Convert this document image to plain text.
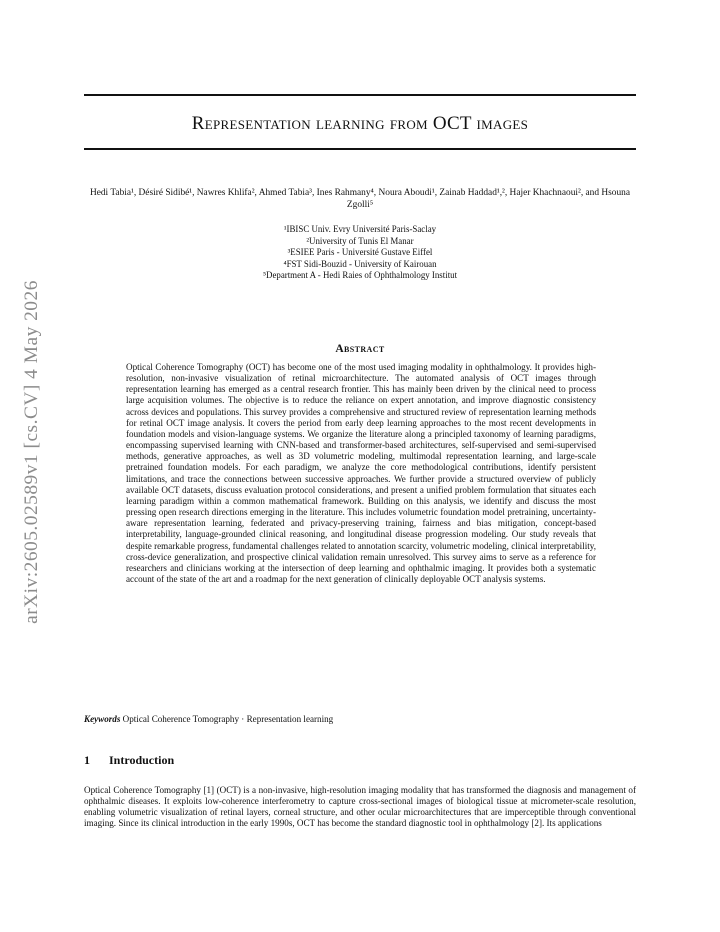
arXiv:2605.02589v1 [cs.CV] 4 May 2026
Representation learning from OCT images
Hedi Tabia¹, Désiré Sidibé¹, Nawres Khlifa², Ahmed Tabia³, Ines Rahmany⁴, Noura Aboudi¹, Zainab Haddad¹,², Hajer Khachnaoui², and Hsouna Zgolli⁵
¹IBISC Univ. Evry Université Paris-Saclay
²University of Tunis El Manar
³ESIEE Paris - Université Gustave Eiffel
⁴FST Sidi-Bouzid - University of Kairouan
⁵Department A - Hedi Raies of Ophthalmology Institut
Abstract
Optical Coherence Tomography (OCT) has become one of the most used imaging modality in ophthalmology. It provides high-resolution, non-invasive visualization of retinal microarchitecture. The automated analysis of OCT images through representation learning has emerged as a central research frontier. This has mainly been driven by the clinical need to process large acquisition volumes. The objective is to reduce the reliance on expert annotation, and improve diagnostic consistency across devices and populations. This survey provides a comprehensive and structured review of representation learning methods for retinal OCT image analysis. It covers the period from early deep learning approaches to the most recent developments in foundation models and vision-language systems. We organize the literature along a principled taxonomy of learning paradigms, encompassing supervised learning with CNN-based and transformer-based architectures, self-supervised and semi-supervised methods, generative approaches, as well as 3D volumetric modeling, multimodal representation learning, and large-scale pretrained foundation models. For each paradigm, we analyze the core methodological contributions, identify persistent limitations, and trace the connections between successive approaches. We further provide a structured overview of publicly available OCT datasets, discuss evaluation protocol considerations, and present a unified problem formulation that situates each learning paradigm within a common mathematical framework. Building on this analysis, we identify and discuss the most pressing open research directions emerging in the literature. This includes volumetric foundation model pretraining, uncertainty-aware representation learning, federated and privacy-preserving training, fairness and bias mitigation, concept-based interpretability, language-grounded clinical reasoning, and longitudinal disease progression modeling. Our study reveals that despite remarkable progress, fundamental challenges related to annotation scarcity, volumetric modeling, clinical interpretability, cross-device generalization, and prospective clinical validation remain unresolved. This survey aims to serve as a reference for researchers and clinicians working at the intersection of deep learning and ophthalmic imaging. It provides both a systematic account of the state of the art and a roadmap for the next generation of clinically deployable OCT analysis systems.
Keywords Optical Coherence Tomography · Representation learning
1 Introduction
Optical Coherence Tomography [1] (OCT) is a non-invasive, high-resolution imaging modality that has transformed the diagnosis and management of ophthalmic diseases. It exploits low-coherence interferometry to capture cross-sectional images of biological tissue at micrometer-scale resolution, enabling volumetric visualization of retinal layers, corneal structure, and other ocular microarchitectures that are imperceptible through conventional imaging. Since its clinical introduction in the early 1990s, OCT has become the standard diagnostic tool in ophthalmology [2]. Its applications
